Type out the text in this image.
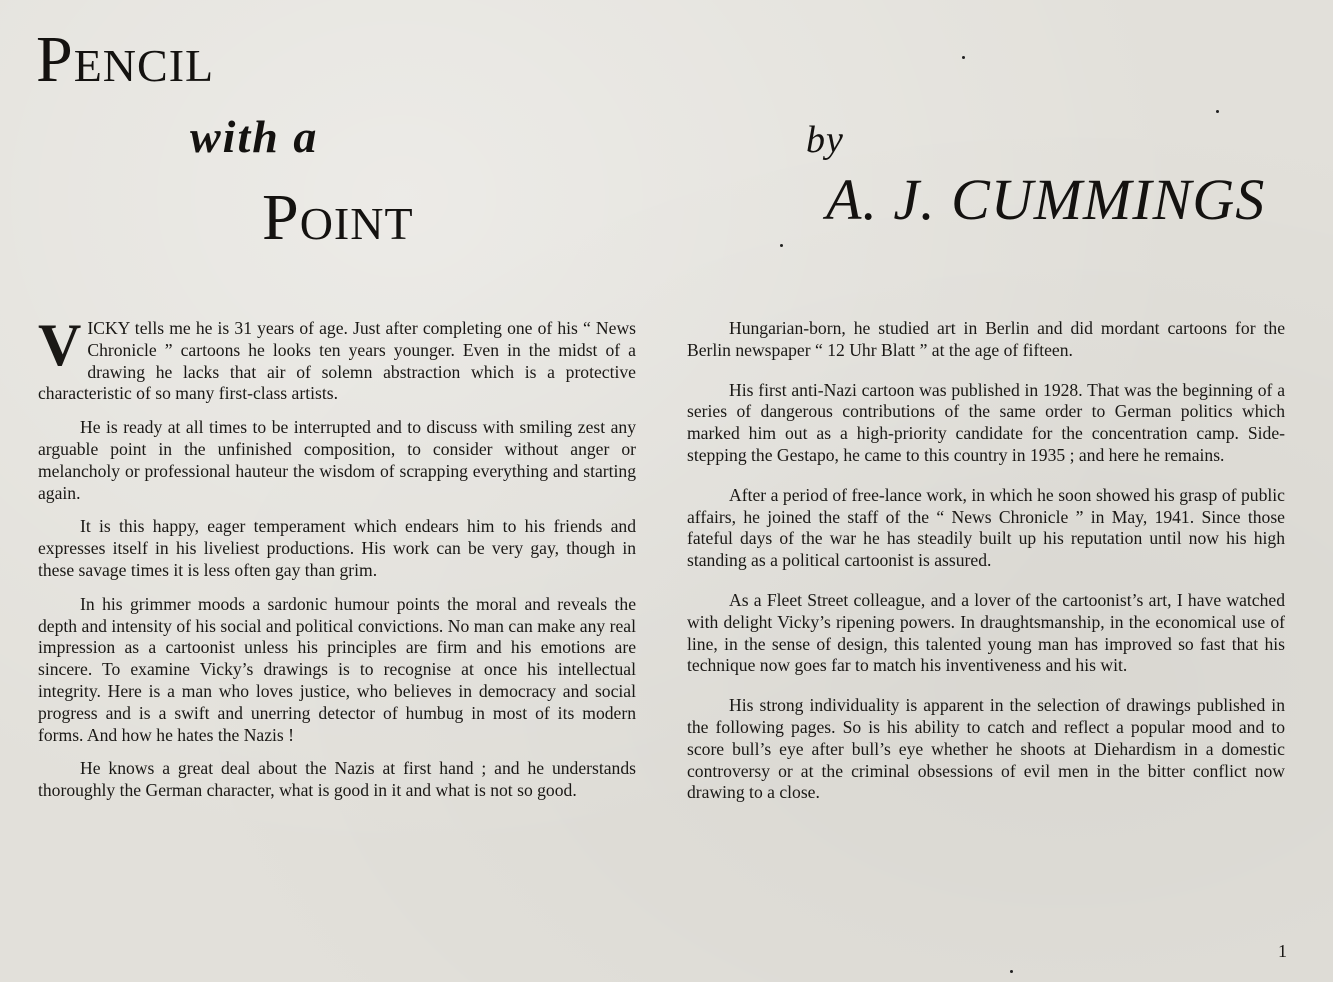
Pencil
with a
Point
by
A. J. CUMMINGS

V ICKY tells me he is 31 years of age. Just after completing one of his “ News Chronicle ” cartoons he looks ten years younger. Even in the midst of a drawing he lacks that air of solemn abstraction which is a protective characteristic of so many first-class artists.

He is ready at all times to be interrupted and to discuss with smiling zest any arguable point in the unfinished composition, to consider without anger or melancholy or professional hauteur the wisdom of scrapping everything and starting again.

It is this happy, eager temperament which endears him to his friends and expresses itself in his liveliest productions. His work can be very gay, though in these savage times it is less often gay than grim.

In his grimmer moods a sardonic humour points the moral and reveals the depth and intensity of his social and political convictions. No man can make any real impression as a cartoonist unless his principles are firm and his emotions are sincere. To examine Vicky’s drawings is to recognise at once his intellectual integrity. Here is a man who loves justice, who believes in democracy and social progress and is a swift and unerring detector of humbug in most of its modern forms. And how he hates the Nazis !

He knows a great deal about the Nazis at first hand ; and he understands thoroughly the German character, what is good in it and what is not so good.

Hungarian-born, he studied art in Berlin and did mordant cartoons for the Berlin newspaper “ 12 Uhr Blatt ” at the age of fifteen.

His first anti-Nazi cartoon was published in 1928. That was the beginning of a series of dangerous contributions of the same order to German politics which marked him out as a high-priority candidate for the concentration camp. Side-stepping the Gestapo, he came to this country in 1935 ; and here he remains.

After a period of free-lance work, in which he soon showed his grasp of public affairs, he joined the staff of the “ News Chronicle ” in May, 1941. Since those fateful days of the war he has steadily built up his reputation until now his high standing as a political cartoonist is assured.

As a Fleet Street colleague, and a lover of the cartoonist’s art, I have watched with delight Vicky’s ripening powers. In draughtsmanship, in the economical use of line, in the sense of design, this talented young man has improved so fast that his technique now goes far to match his inventiveness and his wit.

His strong individuality is apparent in the selection of drawings published in the following pages. So is his ability to catch and reflect a popular mood and to score bull’s eye after bull’s eye whether he shoots at Diehardism in a domestic controversy or at the criminal obsessions of evil men in the bitter conflict now drawing to a close.

1
